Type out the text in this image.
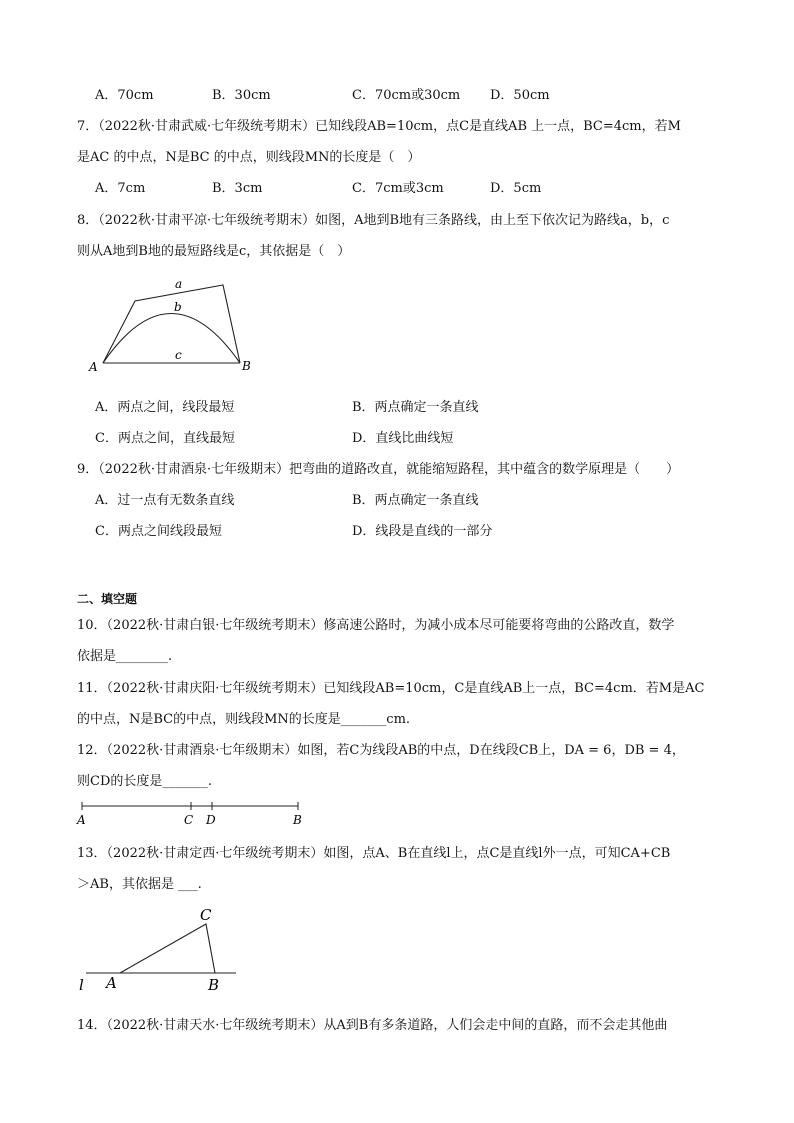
A．70cm	B．30cm	C．70cm或30cm D．50cm
7．（2022秋·甘肃武威·七年级统考期末）已知线段AB=10cm，点C是直线AB 上一点，BC=4cm，若M
是AC 的中点，N是BC 的中点，则线段MN的长度是（　）
A．7cm	B．3cm	C．7cm或3cm	D．5cm
8．（2022秋·甘肃平凉·七年级统考期末）如图，A地到B地有三条路线，由上至下依次记为路线a，b，c
则从A地到B地的最短路线是c，其依据是（　）
a
b
c
A	B
A．两点之间，线段最短	B．两点确定一条直线
C．两点之间，直线最短	D．直线比曲线短
9．（2022秋·甘肃酒泉·七年级期末）把弯曲的道路改直，就能缩短路程，其中蕴含的数学原理是（　　）
A．过一点有无数条直线	B．两点确定一条直线
C．两点之间线段最短	D．线段是直线的一部分
二、填空题
10．（2022秋·甘肃白银·七年级统考期末）修高速公路时，为减小成本尽可能要将弯曲的公路改直，数学
依据是________.
11．（2022秋·甘肃庆阳·七年级统考期末）已知线段AB=10cm，C是直线AB上一点，BC=4cm．若M是AC
的中点，N是BC的中点，则线段MN的长度是_______cm.
12．（2022秋·甘肃酒泉·七年级期末）如图，若C为线段AB的中点，D在线段CB上，DA = 6，DB = 4，
则CD的长度是_______.
A	C D	B
13．（2022秋·甘肃定西·七年级统考期末）如图，点A、B在直线l上，点C是直线l外一点，可知CA+CB
＞AB，其依据是 ___.
C
A	B
l
14．（2022秋·甘肃天水·七年级统考期末）从A到B有多条道路，人们会走中间的直路，而不会走其他曲
